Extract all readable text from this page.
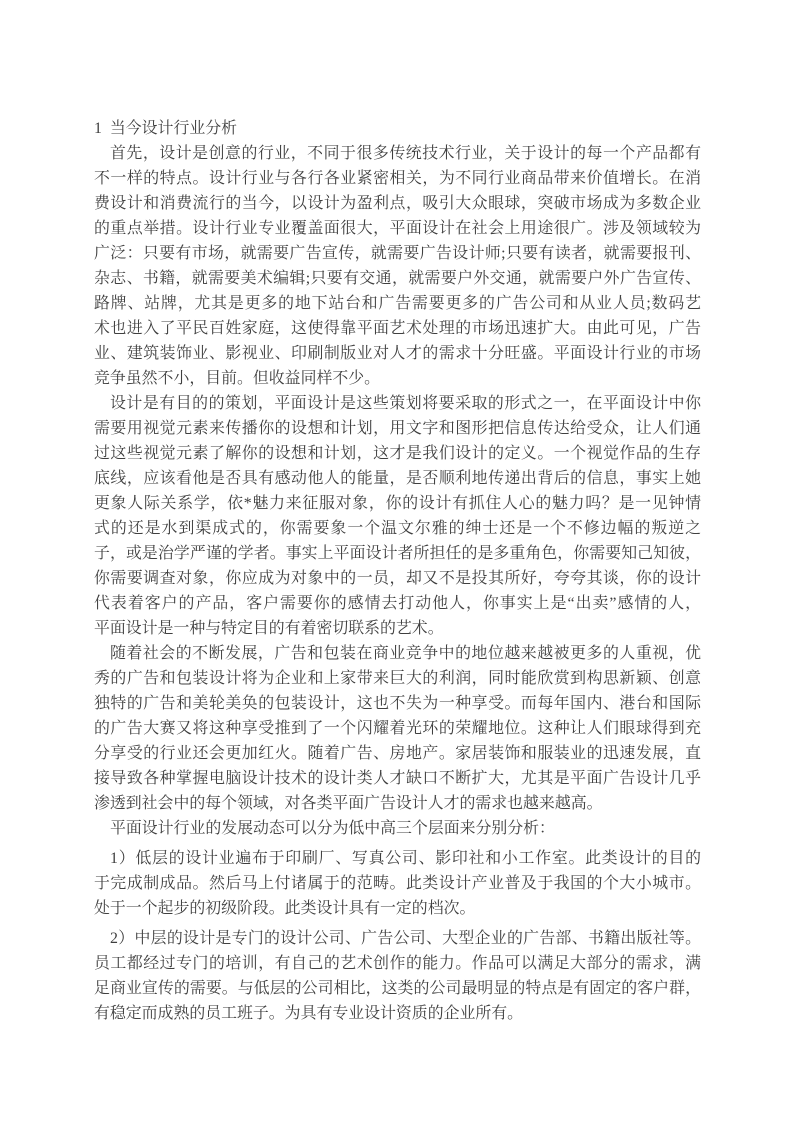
1  当今设计行业分析
首先，设计是创意的行业，不同于很多传统技术行业，关于设计的每一个产品都有
不一样的特点。设计行业与各行各业紧密相关，为不同行业商品带来价值增长。在消
费设计和消费流行的当今，以设计为盈利点，吸引大众眼球，突破市场成为多数企业
的重点举措。设计行业专业覆盖面很大，平面设计在社会上用途很广。涉及领域较为
广泛：只要有市场，就需要广告宣传，就需要广告设计师;只要有读者，就需要报刊、
杂志、书籍，就需要美术编辑;只要有交通，就需要户外交通，就需要户外广告宣传、
路牌、站牌，尤其是更多的地下站台和广告需要更多的广告公司和从业人员;数码艺
术也进入了平民百姓家庭，这使得靠平面艺术处理的市场迅速扩大。由此可见，广告
业、建筑装饰业、影视业、印刷制版业对人才的需求十分旺盛。平面设计行业的市场
竞争虽然不小，目前。但收益同样不少。
设计是有目的的策划，平面设计是这些策划将要采取的形式之一，在平面设计中你
需要用视觉元素来传播你的设想和计划，用文字和图形把信息传达给受众，让人们通
过这些视觉元素了解你的设想和计划，这才是我们设计的定义。一个视觉作品的生存
底线，应该看他是否具有感动他人的能量，是否顺利地传递出背后的信息，事实上她
更象人际关系学，依*魅力来征服对象，你的设计有抓住人心的魅力吗？是一见钟情
式的还是水到渠成式的，你需要象一个温文尔雅的绅士还是一个不修边幅的叛逆之
子，或是治学严谨的学者。事实上平面设计者所担任的是多重角色，你需要知己知彼，
你需要调查对象，你应成为对象中的一员，却又不是投其所好，夸夸其谈，你的设计
代表着客户的产品，客户需要你的感情去打动他人，你事实上是“出卖”感情的人，
平面设计是一种与特定目的有着密切联系的艺术。
随着社会的不断发展，广告和包装在商业竞争中的地位越来越被更多的人重视，优
秀的广告和包装设计将为企业和上家带来巨大的利润，同时能欣赏到构思新颖、创意
独特的广告和美轮美奂的包装设计，这也不失为一种享受。而每年国内、港台和国际
的广告大赛又将这种享受推到了一个闪耀着光环的荣耀地位。这种让人们眼球得到充
分享受的行业还会更加红火。随着广告、房地产。家居装饰和服装业的迅速发展，直
接导致各种掌握电脑设计技术的设计类人才缺口不断扩大，尤其是平面广告设计几乎
渗透到社会中的每个领域，对各类平面广告设计人才的需求也越来越高。
平面设计行业的发展动态可以分为低中高三个层面来分别分析：
1）低层的设计业遍布于印刷厂、写真公司、影印社和小工作室。此类设计的目的
于完成制成品。然后马上付诸属于的范畴。此类设计产业普及于我国的个大小城市。
处于一个起步的初级阶段。此类设计具有一定的档次。
2）中层的设计是专门的设计公司、广告公司、大型企业的广告部、书籍出版社等。
员工都经过专门的培训，有自己的艺术创作的能力。作品可以满足大部分的需求，满
足商业宣传的需要。与低层的公司相比，这类的公司最明显的特点是有固定的客户群，
有稳定而成熟的员工班子。为具有专业设计资质的企业所有。
